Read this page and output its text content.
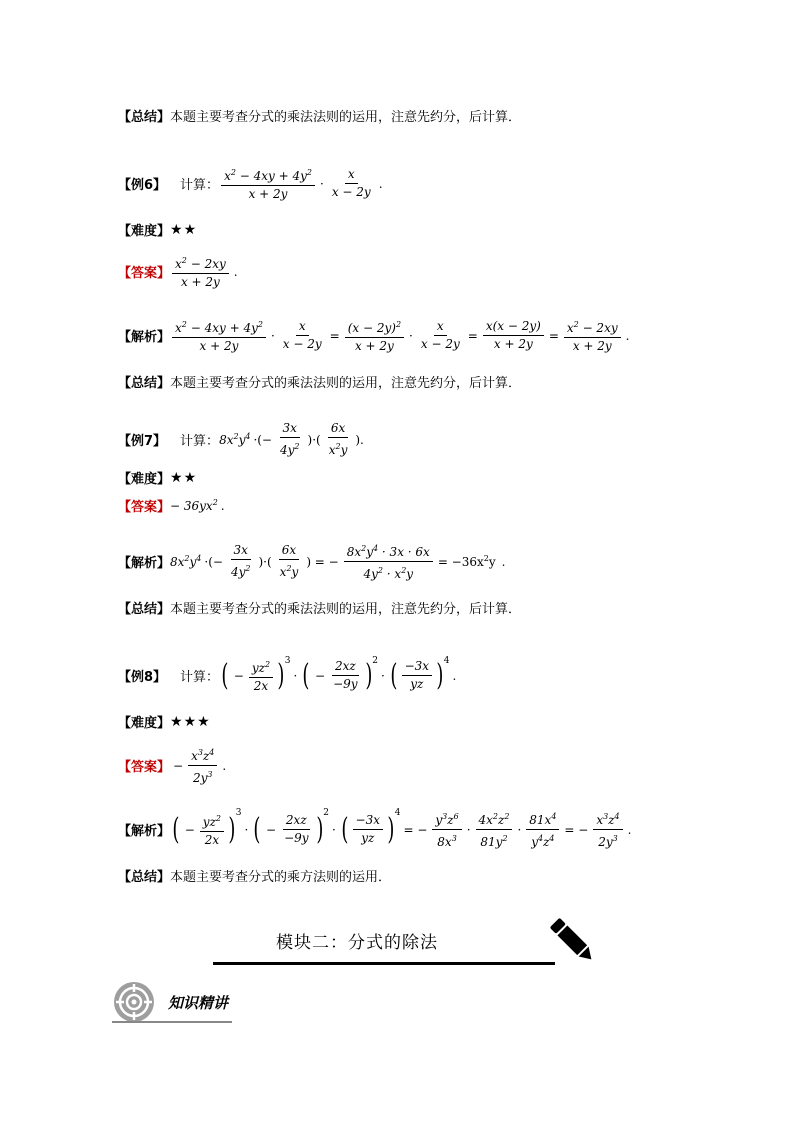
【总结】 本题主要考查分式的乘法法则的运用，注意先约分，后计算．
【例6】 计算： $\frac{x^2 - 4xy + 4y^2}{x + 2y} \cdot \frac{x}{x - 2y}$ .
【难度】 ★★
【答案】 $\frac{x^2 - 2xy}{x + 2y}$ .
【解析】 $\frac{x^2 - 4xy + 4y^2}{x + 2y} \cdot \frac{x}{x - 2y} = \frac{(x - 2y)^2}{x + 2y} \cdot \frac{x}{x - 2y} = \frac{x(x - 2y)}{x + 2y} = \frac{x^2 - 2xy}{x + 2y}$ .
【总结】 本题主要考查分式的乘法法则的运用，注意先约分，后计算．
【例7】 计算： $8x^2y^4$ ·(− $\frac{3x}{4y^2}$ )·( $\frac{6x}{x^2y}$ ).
【难度】 ★★
【答案】 − $36yx^2$ .
【解析】 $8x^2y^4$ ·(− $\frac{3x}{4y^2}$ )·( $\frac{6x}{x^2y}$ ) = − $\frac{8x^2y^4 \cdot 3x \cdot 6x}{4y^2 \cdot x^2y} = -36x^2y$ .
【总结】 本题主要考查分式的乘法法则的运用，注意先约分，后计算．
【例8】 计算： ( − $\frac{yz^2}{2x}$ ) 3
· ( − $\frac{2xz}{-9y}$ ) 2
· ( $\frac{-3x}{yz}$ ) 4
.
【难度】 ★★★
【答案】 − $\frac{x^3z^4}{2y^3}$ .
【解析】 ( − $\frac{yz^2}{2x}$ ) 3
· ( − $\frac{2xz}{-9y}$ ) 2
· ( $\frac{-3x}{yz}$ ) 4
= − $\frac{y^3z^6}{8x^3} \cdot \frac{4x^2z^2}{81y^2} \cdot \frac{81x^4}{y^4z^4}$ = − $\frac{x^3z^4}{2y^3}$ .
【总结】 本题主要考查分式的乘方法则的运用．
模块二：分式的除法
知识精讲
